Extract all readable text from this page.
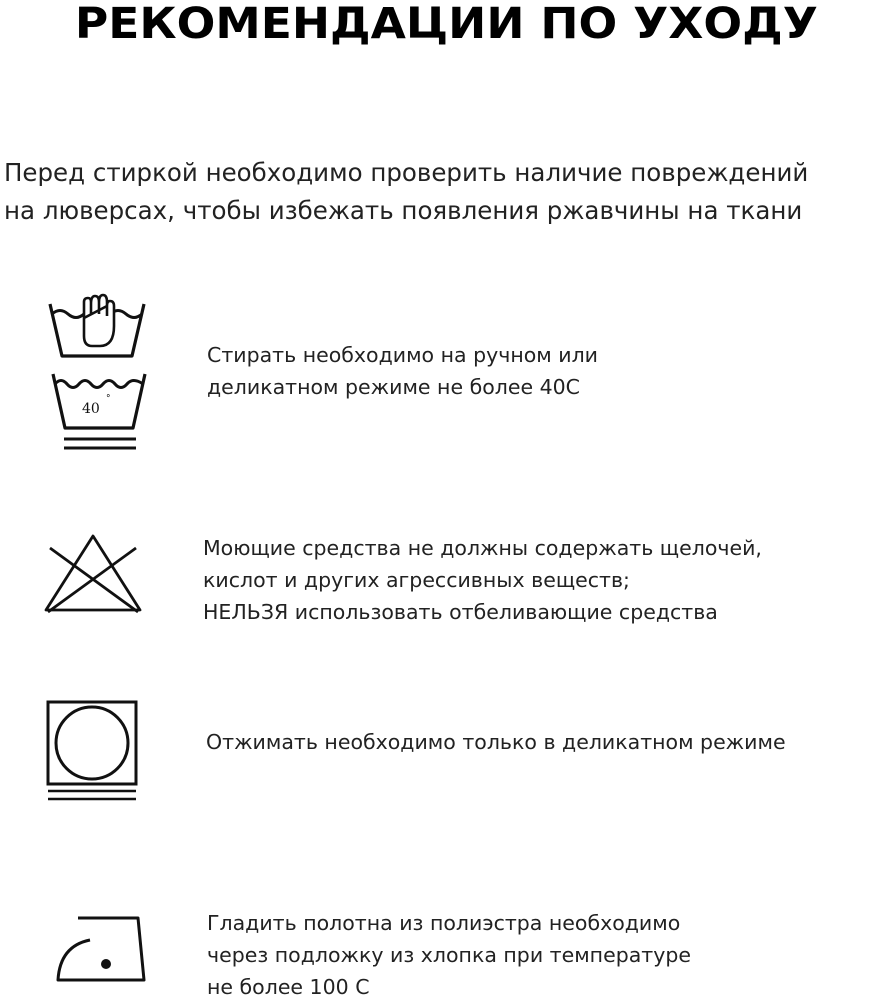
РЕКОМЕНДАЦИИ ПО УХОДУ
Перед стиркой необходимо проверить наличие повреждений
на люверсах, чтобы избежать появления ржавчины на ткани
40
°
Стирать необходимо на ручном или
деликатном режиме не более 40С
Моющие средства не должны содержать щелочей,
кислот и других агрессивных веществ;
НЕЛЬЗЯ использовать отбеливающие средства
Отжимать необходимо только в деликатном режиме
Гладить полотна из полиэстра необходимо
через подложку из хлопка при температуре
не более 100 С
